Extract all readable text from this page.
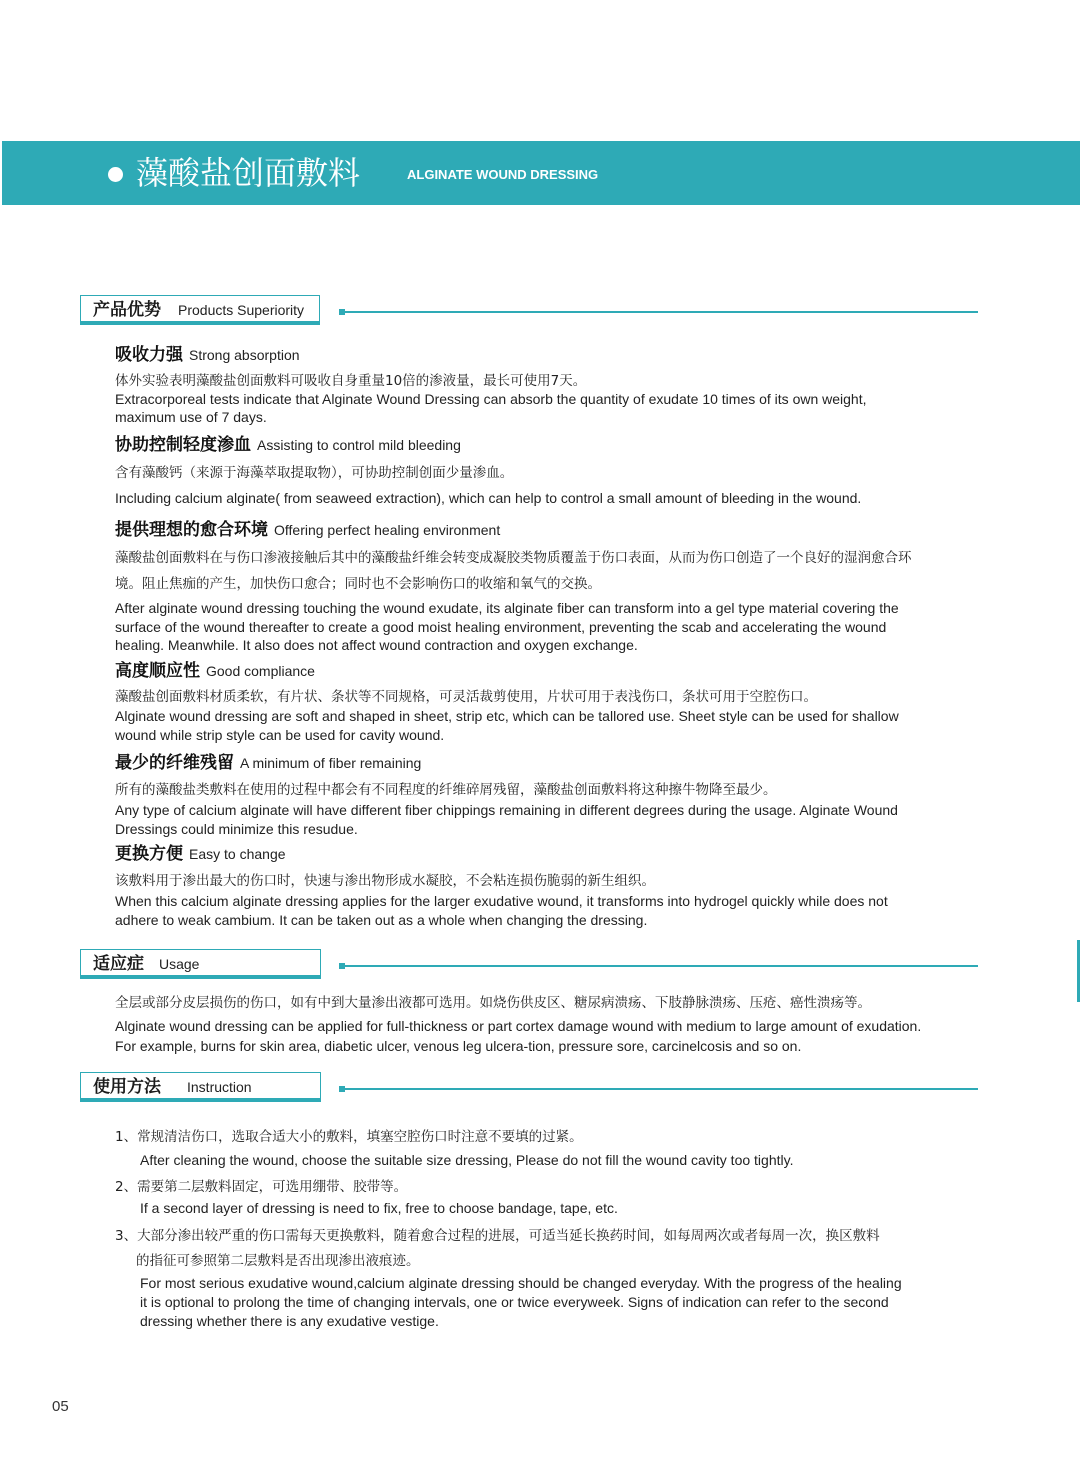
藻酸盐创面敷料	ALGINATE WOUND DRESSING
产品优势 Products Superiority
吸收力强 Strong absorption
体外实验表明藻酸盐创面敷料可吸收自身重量10倍的渗液量，最长可使用7天。
Extracorporeal tests indicate that Alginate Wound Dressing can absorb the quantity of exudate 10 times of its own weight,
maximum use of 7 days.
协助控制轻度渗血 Assisting to control mild bleeding
含有藻酸钙（来源于海藻萃取提取物），可协助控制创面少量渗血。
Including calcium alginate( from seaweed extraction), which can help to control a small amount of bleeding in the wound.
提供理想的愈合环境 Offering perfect healing environment
藻酸盐创面敷料在与伤口渗液接触后其中的藻酸盐纤维会转变成凝胶类物质覆盖于伤口表面，从而为伤口创造了一个良好的湿润愈合环
境。阻止焦痂的产生，加快伤口愈合；同时也不会影响伤口的收缩和氧气的交换。
After alginate wound dressing touching the wound exudate, its alginate fiber can transform into a gel type material covering the
surface of the wound thereafter to create a good moist healing environment, preventing the scab and accelerating the wound
healing. Meanwhile. It also does not affect wound contraction and oxygen exchange.
高度顺应性 Good compliance
藻酸盐创面敷料材质柔软，有片状、条状等不同规格，可灵活裁剪使用，片状可用于表浅伤口，条状可用于空腔伤口。
Alginate wound dressing are soft and shaped in sheet, strip etc, which can be tallored use. Sheet style can be used for shallow
wound while strip style can be used for cavity wound.
最少的纤维残留 A minimum of fiber remaining
所有的藻酸盐类敷料在使用的过程中都会有不同程度的纤维碎屑残留，藻酸盐创面敷料将这种擦牛物降至最少。
Any type of calcium alginate will have different fiber chippings remaining in different degrees during the usage. Alginate Wound
Dressings could minimize this resudue.
更换方便 Easy to change
该敷料用于渗出最大的伤口时，快速与渗出物形成水凝胶，不会粘连损伤脆弱的新生组织。
When this calcium alginate dressing applies for the larger exudative wound, it transforms into hydrogel quickly while does not
adhere to weak cambium. It can be taken out as a whole when changing the dressing.
适应症 Usage
全层或部分皮层损伤的伤口，如有中到大量渗出液都可选用。如烧伤供皮区、糖尿病溃疡、下肢静脉溃疡、压疮、癌性溃疡等。
Alginate wound dressing can be applied for full-thickness or part cortex damage wound with medium to large amount of exudation.
For example, burns for skin area, diabetic ulcer, venous leg ulcera-tion, pressure sore, carcinelcosis and so on.
使用方法 Instruction
1、常规清洁伤口，选取合适大小的敷料，填塞空腔伤口时注意不要填的过紧。
After cleaning the wound, choose the suitable size dressing, Please do not fill the wound cavity too tightly.
2、需要第二层敷料固定，可选用绷带、胶带等。
If a second layer of dressing is need to fix, free to choose bandage, tape, etc.
3、大部分渗出较严重的伤口需每天更换敷料，随着愈合过程的进展，可适当延长换药时间，如每周两次或者每周一次，换区敷料
的指征可参照第二层敷料是否出现渗出液痕迹。
For most serious exudative wound,calcium alginate dressing should be changed everyday. With the progress of the healing
it is optional to prolong the time of changing intervals, one or twice everyweek. Signs of indication can refer to the second
dressing whether there is any exudative vestige.
05
